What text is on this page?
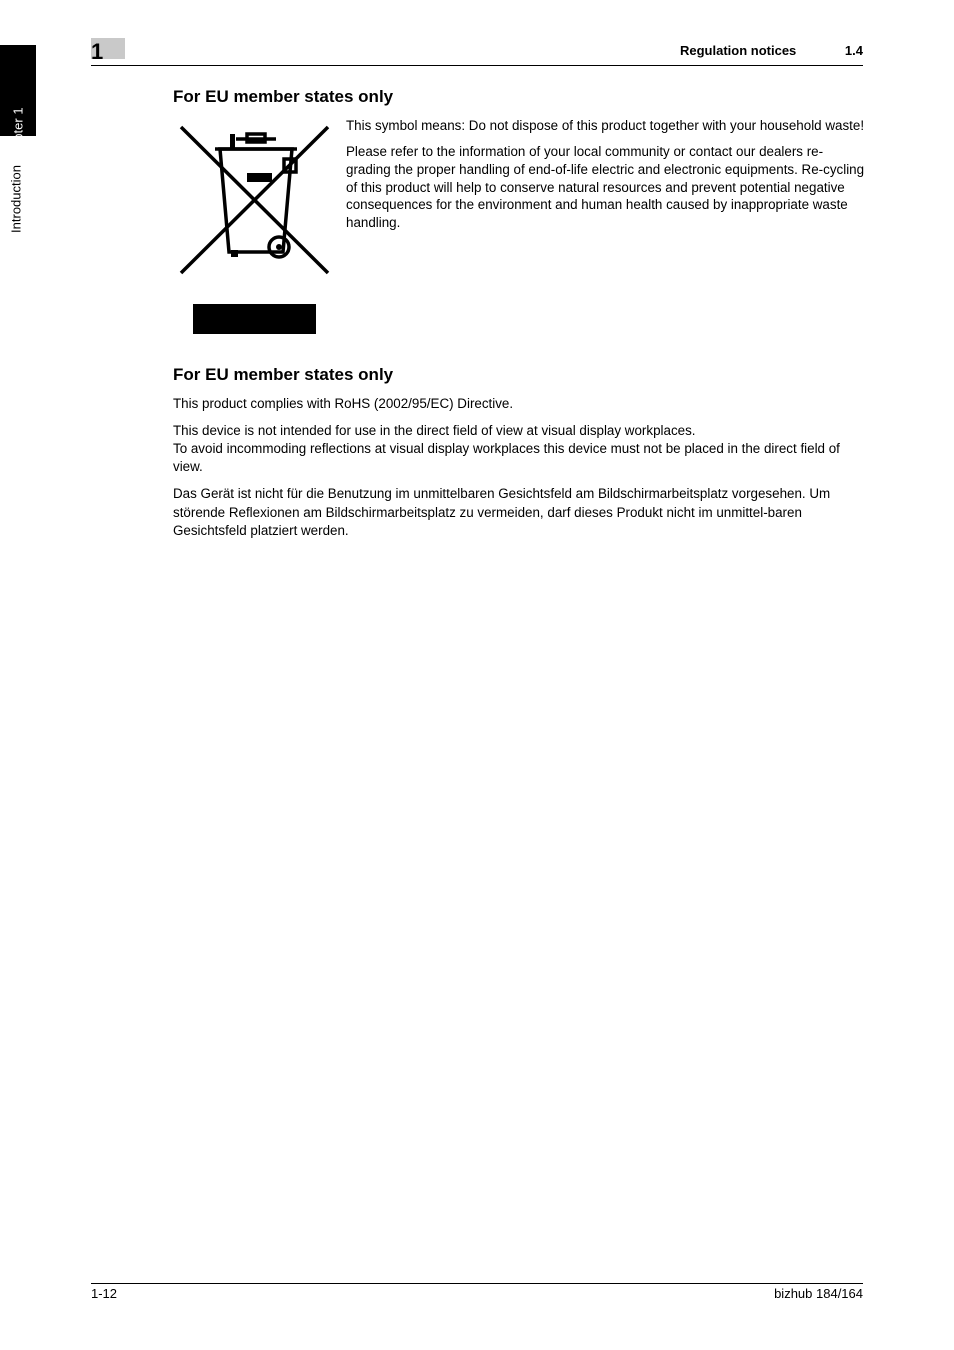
Chapter 1
Introduction
1	Regulation notices	1.4
For EU member states only

This symbol means: Do not dispose of this product together with your household waste!

Please refer to the information of your local community or contact our dealers re-grading the proper handling of end-of-life electric and electronic equipments. Re-cycling of this product will help to conserve natural resources and prevent potential negative consequences for the environment and human health caused by inappropriate waste handling.

For EU member states only

This product complies with RoHS (2002/95/EC) Directive.

This device is not intended for use in the direct field of view at visual display workplaces.

To avoid incommoding reflections at visual display workplaces this device must not be placed in the direct field of view.

Das Gerät ist nicht für die Benutzung im unmittelbaren Gesichtsfeld am Bildschirmarbeitsplatz vorgesehen. Um störende Reflexionen am Bildschirmarbeitsplatz zu vermeiden, darf dieses Produkt nicht im unmittel-baren Gesichtsfeld platziert werden.

1-12	bizhub 184/164
